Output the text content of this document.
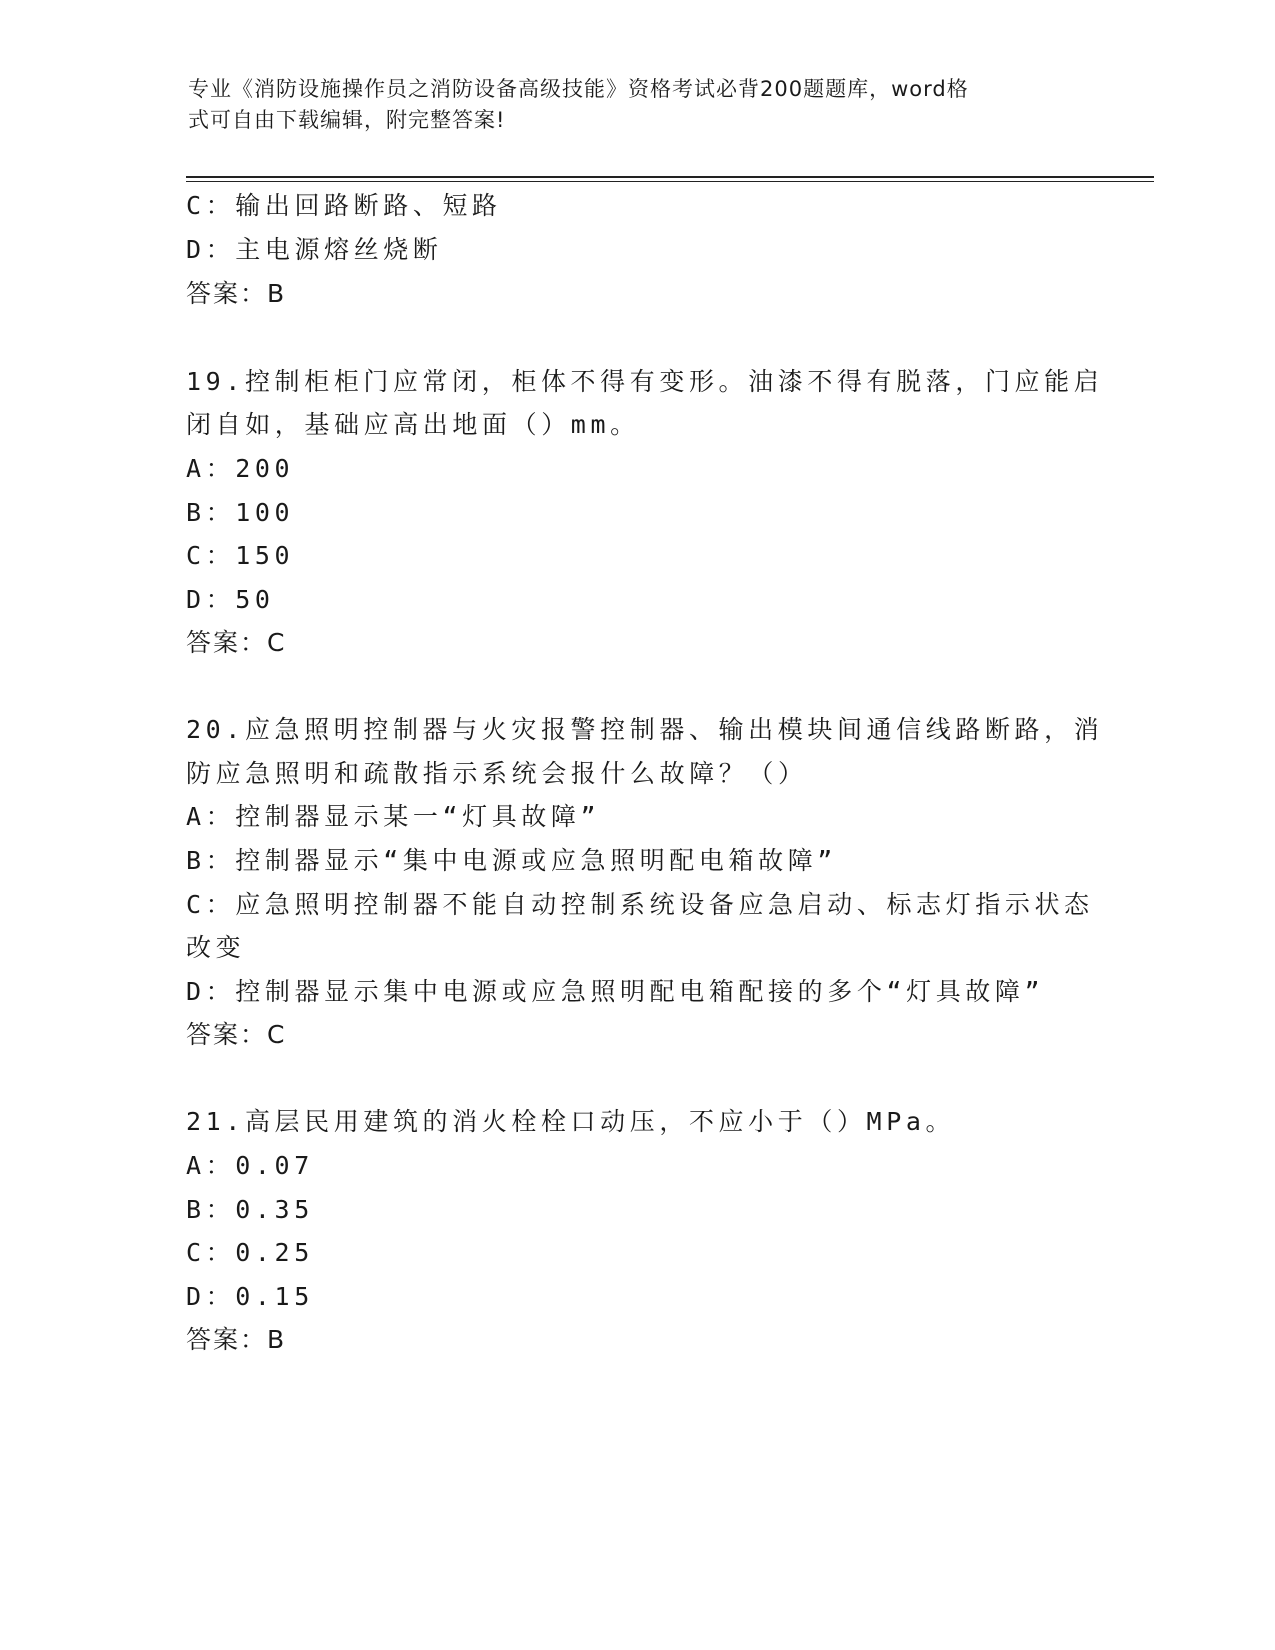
专业《消防设施操作员之消防设备高级技能》资格考试必背200题题库，word格
式可自由下载编辑，附完整答案!
C：输出回路断路、短路
D：主电源熔丝烧断
答案：B
19.控制柜柜门应常闭，柜体不得有变形。油漆不得有脱落，门应能启
闭自如，基础应高出地面（）mm。
A：200
B：100
C：150
D：50
答案：C
20.应急照明控制器与火灾报警控制器、输出模块间通信线路断路，消
防应急照明和疏散指示系统会报什么故障？（）
A：控制器显示某一“灯具故障”
B：控制器显示“集中电源或应急照明配电箱故障”
C：应急照明控制器不能自动控制系统设备应急启动、标志灯指示状态
改变
D：控制器显示集中电源或应急照明配电箱配接的多个“灯具故障”
答案：C
21.高层民用建筑的消火栓栓口动压，不应小于（）MPa。
A：0.07
B：0.35
C：0.25
D：0.15
答案：B
